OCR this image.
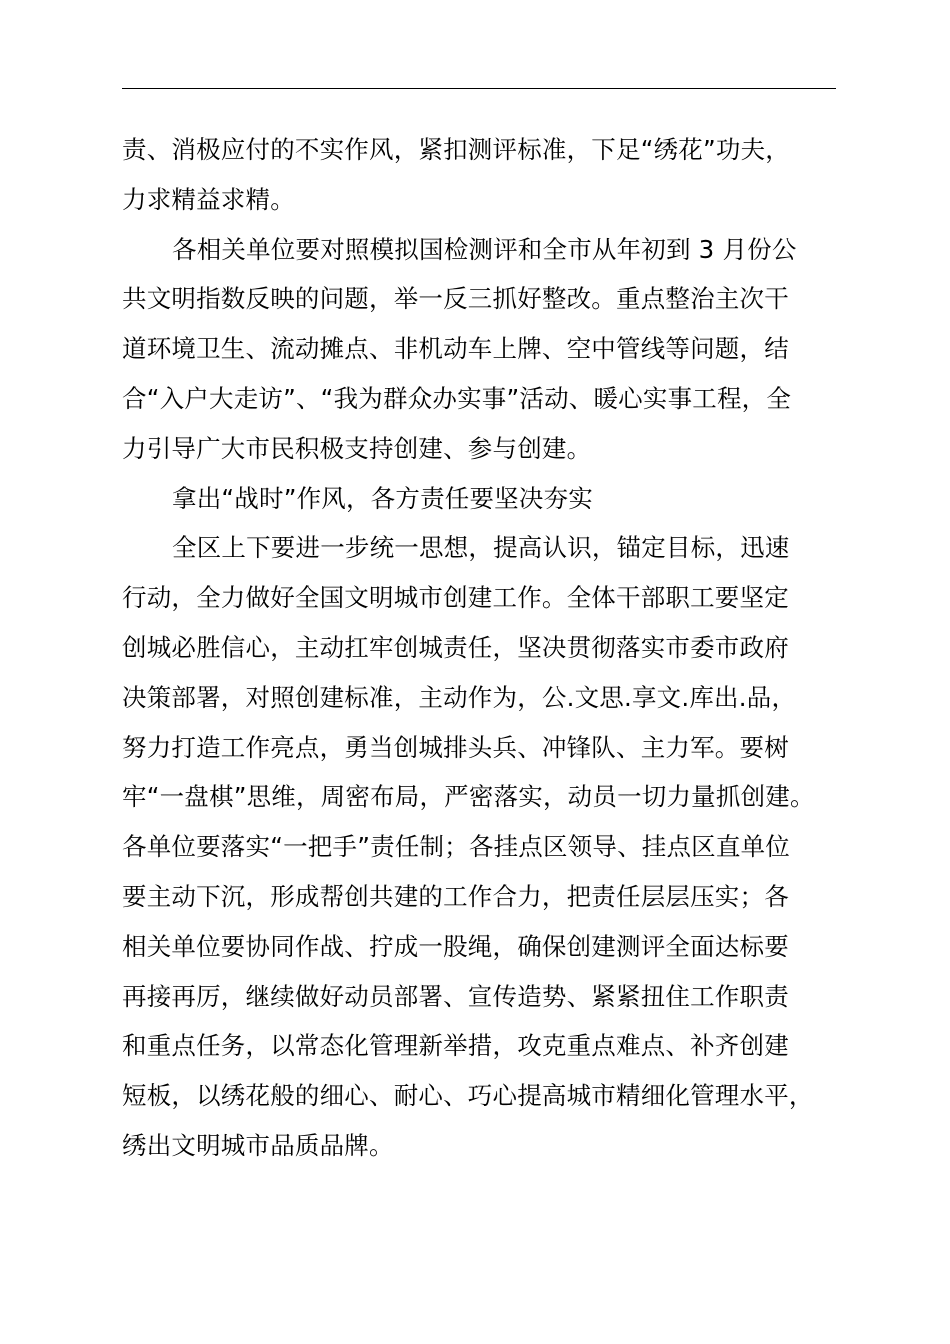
责、消极应付的不实作风，紧扣测评标准，下足“绣花”功夫，
力求精益求精。
各相关单位要对照模拟国检测评和全市从年初到 3 月份公
共文明指数反映的问题，举一反三抓好整改。重点整治主次干
道环境卫生、流动摊点、非机动车上牌、空中管线等问题，结
合“入户大走访”、“我为群众办实事”活动、暖心实事工程，全
力引导广大市民积极支持创建、参与创建。
拿出“战时”作风，各方责任要坚决夯实
全区上下要进一步统一思想，提高认识，锚定目标，迅速
行动，全力做好全国文明城市创建工作。全体干部职工要坚定
创城必胜信心，主动扛牢创城责任，坚决贯彻落实市委市政府
决策部署，对照创建标准，主动作为，公.文思.享文.库出.品，
努力打造工作亮点，勇当创城排头兵、冲锋队、主力军。要树
牢“一盘棋”思维，周密布局，严密落实，动员一切力量抓创建。
各单位要落实“一把手”责任制；各挂点区领导、挂点区直单位
要主动下沉，形成帮创共建的工作合力，把责任层层压实；各
相关单位要协同作战、拧成一股绳，确保创建测评全面达标要
再接再厉，继续做好动员部署、宣传造势、紧紧扭住工作职责
和重点任务，以常态化管理新举措，攻克重点难点、补齐创建
短板，以绣花般的细心、耐心、巧心提高城市精细化管理水平，
绣出文明城市品质品牌。
